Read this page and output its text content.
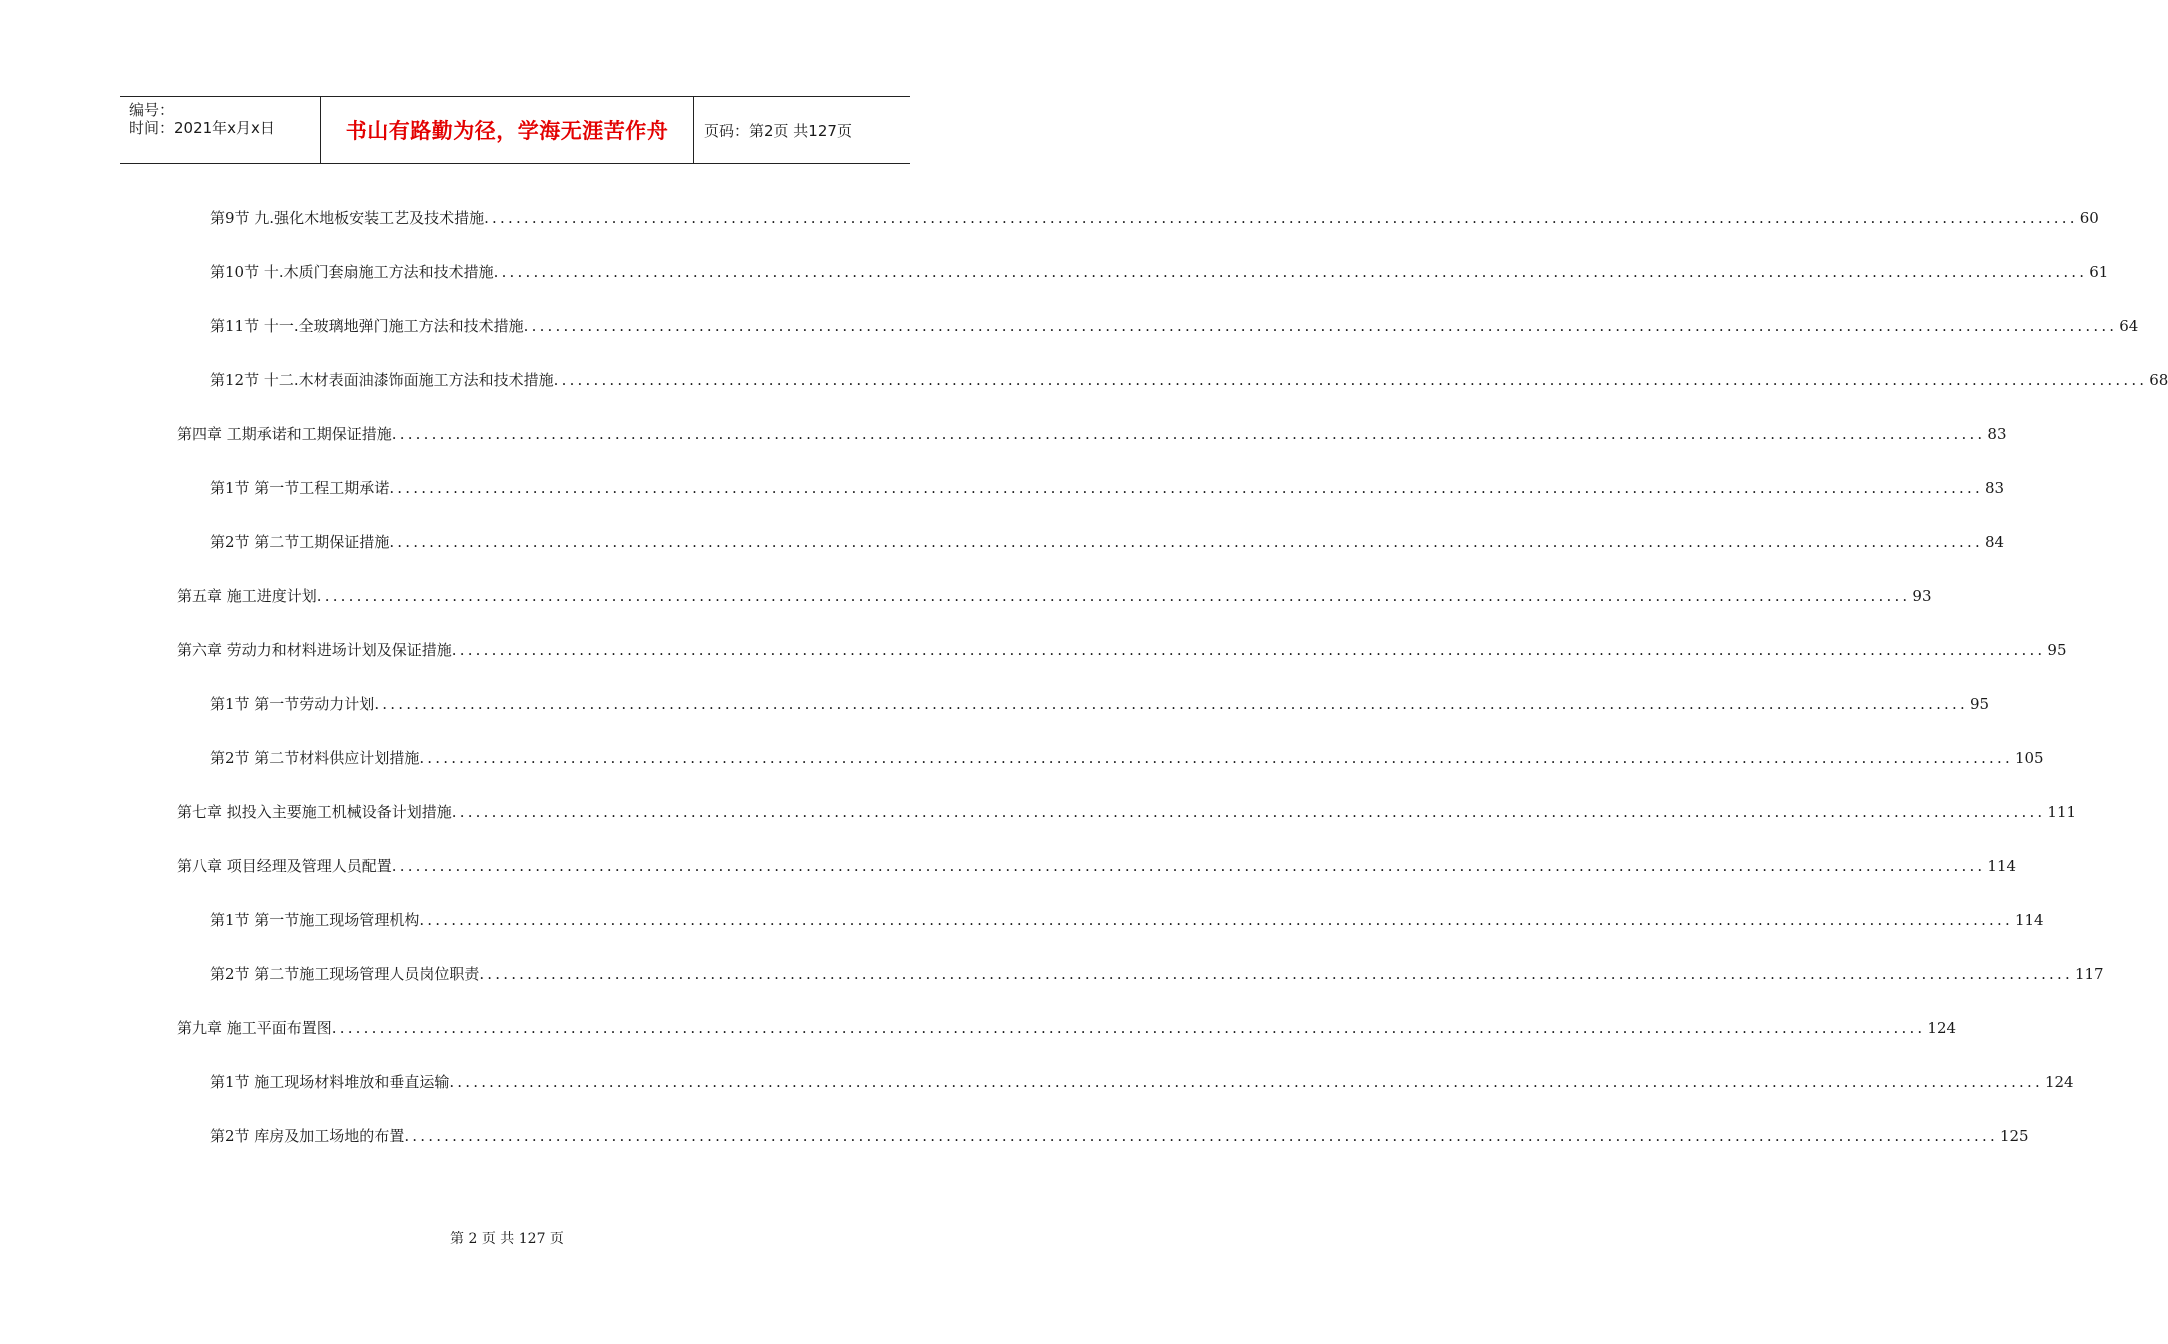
编号：
时间：2021年x月x日	书山有路勤为径，学海无涯苦作舟	页码：第2页 共127页
第9节 九.强化木地板安装工艺及技术措施 ........................................................................................................................................................................................................ 60
第10节 十.木质门套扇施工方法和技术措施 ........................................................................................................................................................................................................ 61
第11节 十一.全玻璃地弹门施工方法和技术措施 ........................................................................................................................................................................................................ 64
第12节 十二.木材表面油漆饰面施工方法和技术措施 ........................................................................................................................................................................................................ 68
第四章 工期承诺和工期保证措施 ........................................................................................................................................................................................................ 83
第1节 第一节工程工期承诺 ........................................................................................................................................................................................................ 83
第2节 第二节工期保证措施 ........................................................................................................................................................................................................ 84
第五章 施工进度计划 ........................................................................................................................................................................................................ 93
第六章 劳动力和材料进场计划及保证措施 ........................................................................................................................................................................................................ 95
第1节 第一节劳动力计划 ........................................................................................................................................................................................................ 95
第2节 第二节材料供应计划措施 ........................................................................................................................................................................................................ 105
第七章 拟投入主要施工机械设备计划措施 ........................................................................................................................................................................................................ 111
第八章 项目经理及管理人员配置 ........................................................................................................................................................................................................ 114
第1节 第一节施工现场管理机构 ........................................................................................................................................................................................................ 114
第2节 第二节施工现场管理人员岗位职责 ........................................................................................................................................................................................................ 117
第九章 施工平面布置图 ........................................................................................................................................................................................................ 124
第1节 施工现场材料堆放和垂直运输 ........................................................................................................................................................................................................ 124
第2节 库房及加工场地的布置 ........................................................................................................................................................................................................ 125
第 2 页 共 127 页
